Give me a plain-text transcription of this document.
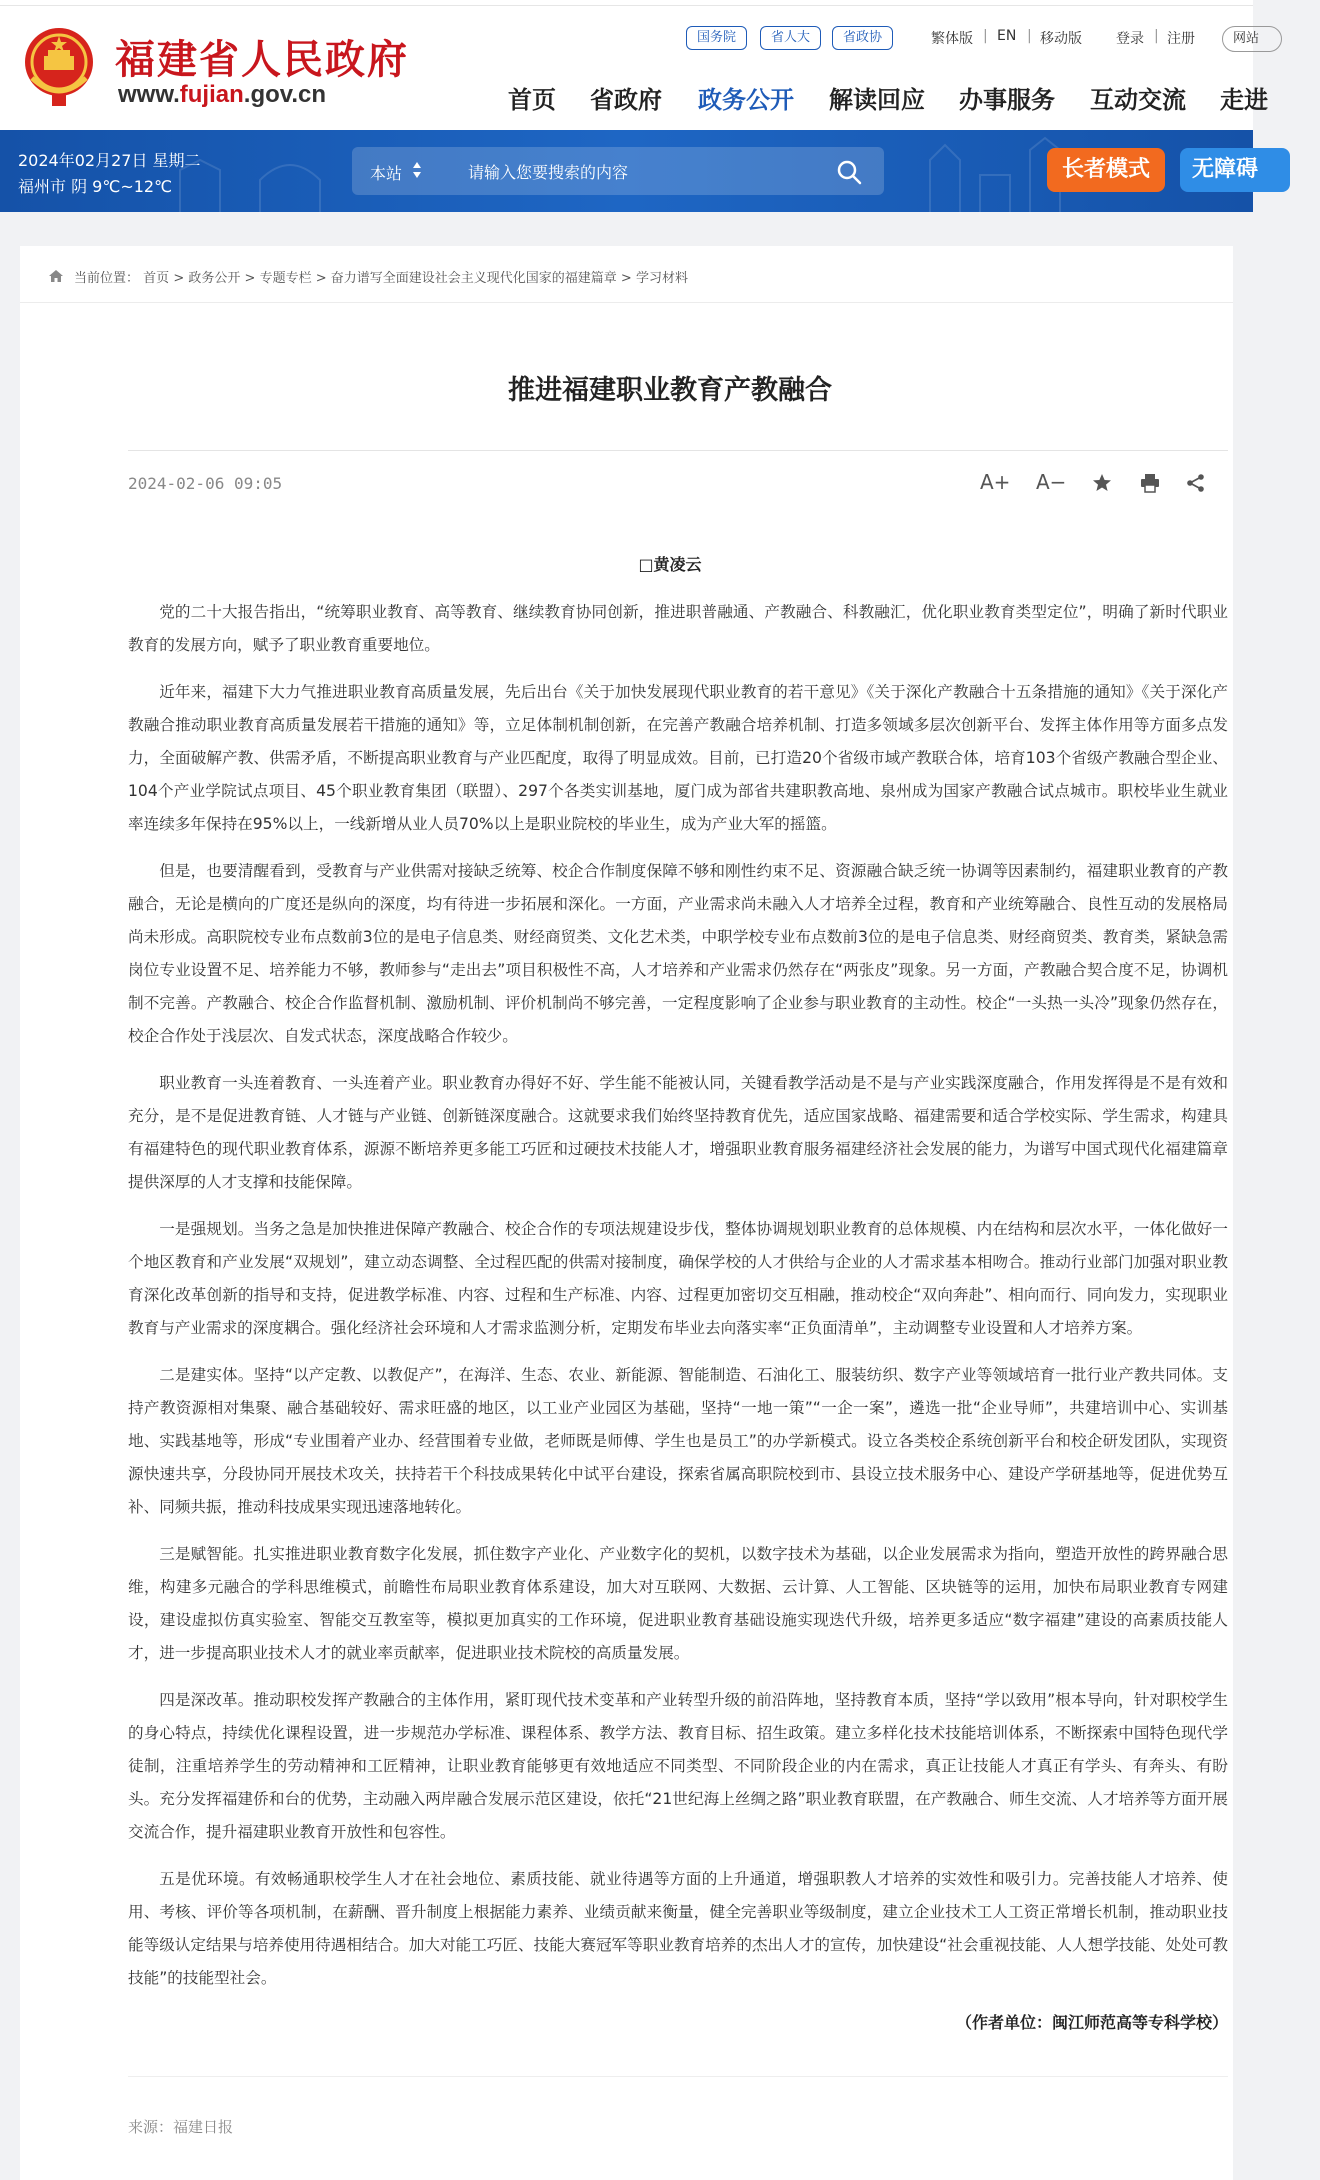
福建省人民政府
www.fujian.gov.cn
国务院	省人大	省政协	繁体版 | EN | 移动版 登录 | 注册	网站
首页 省政府 政务公开 解读回应 办事服务 互动交流 走进
2024年02月27日 星期二
福州市 阴 9℃~12℃
本站	请输入您要搜索的内容	长者模式	无障碍
当前位置： 首页 > 政务公开 > 专题专栏 > 奋力谱写全面建设社会主义现代化国家的福建篇章 > 学习材料
推进福建职业教育产教融合
2024-02-06 09:05	A+ A−
□黄凌云

党的二十大报告指出，“统筹职业教育、高等教育、继续教育协同创新，推进职普融通、产教融合、科教融汇，优化职业教育类型定位”，明确了新时代职业教育的发展方向，赋予了职业教育重要地位。

近年来，福建下大力气推进职业教育高质量发展，先后出台《关于加快发展现代职业教育的若干意见》《关于深化产教融合十五条措施的通知》《关于深化产教融合推动职业教育高质量发展若干措施的通知》等，立足体制机制创新，在完善产教融合培养机制、打造多领域多层次创新平台、发挥主体作用等方面多点发力，全面破解产教、供需矛盾，不断提高职业教育与产业匹配度，取得了明显成效。目前，已打造20个省级市域产教联合体，培育103个省级产教融合型企业、104个产业学院试点项目、45个职业教育集团（联盟）、297个各类实训基地，厦门成为部省共建职教高地、泉州成为国家产教融合试点城市。职校毕业生就业率连续多年保持在95%以上，一线新增从业人员70%以上是职业院校的毕业生，成为产业大军的摇篮。

但是，也要清醒看到，受教育与产业供需对接缺乏统筹、校企合作制度保障不够和刚性约束不足、资源融合缺乏统一协调等因素制约，福建职业教育的产教融合，无论是横向的广度还是纵向的深度，均有待进一步拓展和深化。一方面，产业需求尚未融入人才培养全过程，教育和产业统筹融合、良性互动的发展格局尚未形成。高职院校专业布点数前3位的是电子信息类、财经商贸类、文化艺术类，中职学校专业布点数前3位的是电子信息类、财经商贸类、教育类，紧缺急需岗位专业设置不足、培养能力不够，教师参与“走出去”项目积极性不高，人才培养和产业需求仍然存在“两张皮”现象。另一方面，产教融合契合度不足，协调机制不完善。产教融合、校企合作监督机制、激励机制、评价机制尚不够完善，一定程度影响了企业参与职业教育的主动性。校企“一头热一头冷”现象仍然存在，校企合作处于浅层次、自发式状态，深度战略合作较少。

职业教育一头连着教育、一头连着产业。职业教育办得好不好、学生能不能被认同，关键看教学活动是不是与产业实践深度融合，作用发挥得是不是有效和充分，是不是促进教育链、人才链与产业链、创新链深度融合。这就要求我们始终坚持教育优先，适应国家战略、福建需要和适合学校实际、学生需求，构建具有福建特色的现代职业教育体系，源源不断培养更多能工巧匠和过硬技术技能人才，增强职业教育服务福建经济社会发展的能力，为谱写中国式现代化福建篇章提供深厚的人才支撑和技能保障。

一是强规划。当务之急是加快推进保障产教融合、校企合作的专项法规建设步伐，整体协调规划职业教育的总体规模、内在结构和层次水平，一体化做好一个地区教育和产业发展“双规划”，建立动态调整、全过程匹配的供需对接制度，确保学校的人才供给与企业的人才需求基本相吻合。推动行业部门加强对职业教育深化改革创新的指导和支持，促进教学标准、内容、过程和生产标准、内容、过程更加密切交互相融，推动校企“双向奔赴”、相向而行、同向发力，实现职业教育与产业需求的深度耦合。强化经济社会环境和人才需求监测分析，定期发布毕业去向落实率“正负面清单”，主动调整专业设置和人才培养方案。

二是建实体。坚持“以产定教、以教促产”，在海洋、生态、农业、新能源、智能制造、石油化工、服装纺织、数字产业等领域培育一批行业产教共同体。支持产教资源相对集聚、融合基础较好、需求旺盛的地区，以工业产业园区为基础，坚持“一地一策”“一企一案”，遴选一批“企业导师”，共建培训中心、实训基地、实践基地等，形成“专业围着产业办、经营围着专业做，老师既是师傅、学生也是员工”的办学新模式。设立各类校企系统创新平台和校企研发团队，实现资源快速共享，分段协同开展技术攻关，扶持若干个科技成果转化中试平台建设，探索省属高职院校到市、县设立技术服务中心、建设产学研基地等，促进优势互补、同频共振，推动科技成果实现迅速落地转化。

三是赋智能。扎实推进职业教育数字化发展，抓住数字产业化、产业数字化的契机，以数字技术为基础，以企业发展需求为指向，塑造开放性的跨界融合思维，构建多元融合的学科思维模式，前瞻性布局职业教育体系建设，加大对互联网、大数据、云计算、人工智能、区块链等的运用，加快布局职业教育专网建设，建设虚拟仿真实验室、智能交互教室等，模拟更加真实的工作环境，促进职业教育基础设施实现迭代升级，培养更多适应“数字福建”建设的高素质技能人才，进一步提高职业技术人才的就业率贡献率，促进职业技术院校的高质量发展。

四是深改革。推动职校发挥产教融合的主体作用，紧盯现代技术变革和产业转型升级的前沿阵地，坚持教育本质，坚持“学以致用”根本导向，针对职校学生的身心特点，持续优化课程设置，进一步规范办学标准、课程体系、教学方法、教育目标、招生政策。建立多样化技术技能培训体系，不断探索中国特色现代学徒制，注重培养学生的劳动精神和工匠精神，让职业教育能够更有效地适应不同类型、不同阶段企业的内在需求，真正让技能人才真正有学头、有奔头、有盼头。充分发挥福建侨和台的优势，主动融入两岸融合发展示范区建设，依托“21世纪海上丝绸之路”职业教育联盟，在产教融合、师生交流、人才培养等方面开展交流合作，提升福建职业教育开放性和包容性。

五是优环境。有效畅通职校学生人才在社会地位、素质技能、就业待遇等方面的上升通道，增强职教人才培养的实效性和吸引力。完善技能人才培养、使用、考核、评价等各项机制，在薪酬、晋升制度上根据能力素养、业绩贡献来衡量，健全完善职业等级制度，建立企业技术工人工资正常增长机制，推动职业技能等级认定结果与培养使用待遇相结合。加大对能工巧匠、技能大赛冠军等职业教育培养的杰出人才的宣传，加快建设“社会重视技能、人人想学技能、处处可教技能”的技能型社会。

（作者单位：闽江师范高等专科学校）
来源：福建日报
